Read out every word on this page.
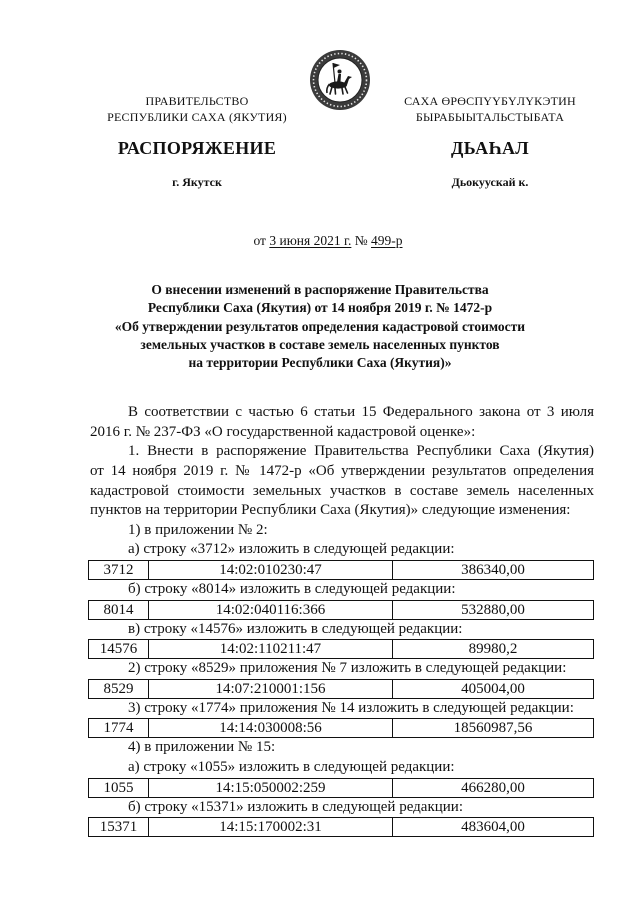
ПРАВИТЕЛЬСТВО
РЕСПУБЛИКИ САХА (ЯКУТИЯ)
САХА ӨРӨСПҮҮБҮЛҮКЭТИН
БЫРАБЫЫТАЛЬСТЫБАТА
РАСПОРЯЖЕНИЕ	ДЬАҺАЛ
г. Якутск	Дьокуускай к.
от 3 июня 2021 г. № 499-р
О внесении изменений в распоряжение Правительства
Республики Саха (Якутия) от 14 ноября 2019 г. № 1472-р
«Об утверждении результатов определения кадастровой стоимости
земельных участков в составе земель населенных пунктов
на территории Республики Саха (Якутия)»
В соответствии с частью 6 статьи 15 Федерального закона от 3 июля
2016 г. № 237-ФЗ «О государственной кадастровой оценке»:
1. Внести в распоряжение Правительства Республики Саха (Якутия)
от 14 ноября 2019 г. № 1472-р «Об утверждении результатов определения
кадастровой стоимости земельных участков в составе земель населенных
пунктов на территории Республики Саха (Якутия)» следующие изменения:
1) в приложении № 2:
а) строку «3712» изложить в следующей редакции:
3712	14:02:010230:47	386340,00
б) строку «8014» изложить в следующей редакции:
8014	14:02:040116:366	532880,00
в) строку «14576» изложить в следующей редакции:
14576	14:02:110211:47	89980,2
2) строку «8529» приложения № 7 изложить в следующей редакции:
8529	14:07:210001:156	405004,00
3) строку «1774» приложения № 14 изложить в следующей редакции:
1774	14:14:030008:56	18560987,56
4) в приложении № 15:
а) строку «1055» изложить в следующей редакции:
1055	14:15:050002:259	466280,00
б) строку «15371» изложить в следующей редакции:
15371	14:15:170002:31	483604,00
